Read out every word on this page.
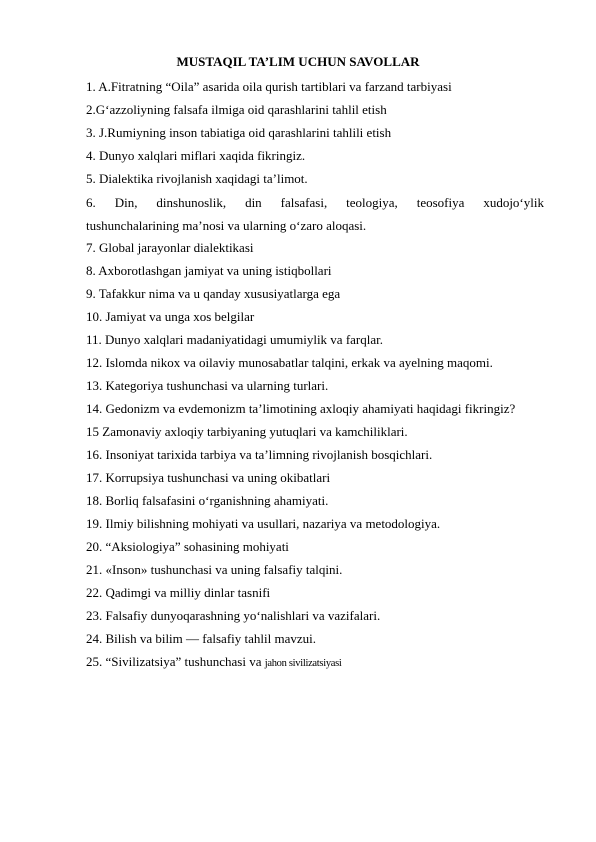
MUSTAQIL TA’LIM UCHUN SAVOLLAR
1. A.Fitratning “Oila” asarida oila qurish tartiblari va farzand tarbiyasi
2.G‘azzoliyning falsafa ilmiga oid qarashlarini tahlil etish
3. J.Rumiyning inson tabiatiga oid qarashlarini tahlili etish
4. Dunyo xalqlari miflari xaqida fikringiz.
5. Dialektika rivojlanish xaqidagi ta’limot.
6. Din, dinshunoslik, din falsafasi, teologiya, teosofiya xudojo‘ylik
tushunchalarining ma’nosi va ularning o‘zaro aloqasi.
7. Global jarayonlar dialektikasi
8. Axborotlashgan jamiyat va uning istiqbollari
9. Tafakkur nima va u qanday xususiyatlarga ega
10. Jamiyat va unga xos belgilar
11. Dunyo xalqlari madaniyatidagi umumiylik va farqlar.
12. Islomda nikox va oilaviy munosabatlar talqini, erkak va ayelning maqomi.
13. Kategoriya tushunchasi va ularning turlari.
14. Gedonizm va evdemonizm ta’limotining axloqiy ahamiyati haqidagi fikringiz?
15 Zamonaviy axloqiy tarbiyaning yutuqlari va kamchiliklari.
16. Insoniyat tarixida tarbiya va ta’limning rivojlanish bosqichlari.
17. Korrupsiya tushunchasi va uning okibatlari
18. Borliq falsafasini o‘rganishning ahamiyati.
19. Ilmiy bilishning mohiyati va usullari, nazariya va metodologiya.
20. “Aksiologiya” sohasining mohiyati
21. «Inson» tushunchasi va uning falsafiy talqini.
22. Qadimgi va milliy dinlar tasnifi
23. Falsafiy dunyoqarashning yo‘nalishlari va vazifalari.
24. Bilish va bilim — falsafiy tahlil mavzui.
25. “Sivilizatsiya” tushunchasi va jahon sivilizatsiyasi
